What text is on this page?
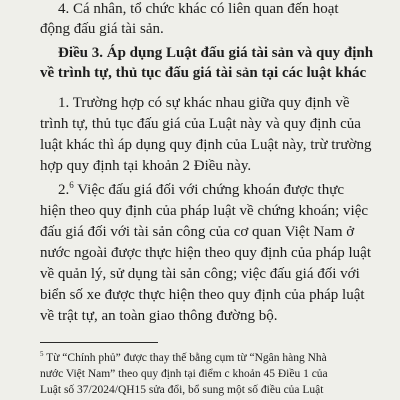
4. Cá nhân, tổ chức khác có liên quan đến hoạt
động đấu giá tài sản.
Điều 3. Áp dụng Luật đấu giá tài sản và quy định
về trình tự, thủ tục đấu giá tài sản tại các luật khác
1. Trường hợp có sự khác nhau giữa quy định về
trình tự, thủ tục đấu giá của Luật này và quy định của
luật khác thì áp dụng quy định của Luật này, trừ trường
hợp quy định tại khoản 2 Điều này.
2.$^6$ Việc đấu giá đối với chứng khoán được thực
hiện theo quy định của pháp luật về chứng khoán; việc
đấu giá đối với tài sản công của cơ quan Việt Nam ở
nước ngoài được thực hiện theo quy định của pháp luật
về quản lý, sử dụng tài sản công; việc đấu giá đối với
biển số xe được thực hiện theo quy định của pháp luật
về trật tự, an toàn giao thông đường bộ.
$^5$ Từ “Chính phủ” được thay thế bằng cụm từ “Ngân hàng Nhà
nước Việt Nam” theo quy định tại điểm c khoản 45 Điều 1 của
Luật số 37/2024/QH15 sửa đổi, bổ sung một số điều của Luật
